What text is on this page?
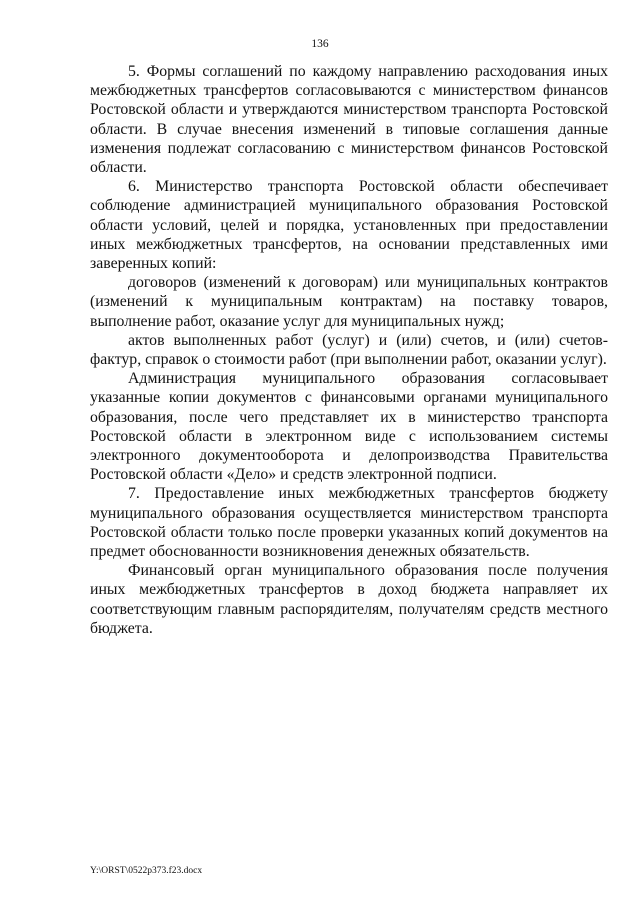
136

5. Формы соглашений по каждому направлению расходования иных межбюджетных трансфертов согласовываются с министерством финансов Ростовской области и утверждаются министерством транспорта Ростовской области. В случае внесения изменений в типовые соглашения данные изменения подлежат согласованию с министерством финансов Ростовской области.

6. Министерство транспорта Ростовской области обеспечивает соблюдение администрацией муниципального образования Ростовской области условий, целей и порядка, установленных при предоставлении иных межбюджетных трансфертов, на основании представленных ими заверенных копий:

договоров (изменений к договорам) или муниципальных контрактов (изменений к муниципальным контрактам) на поставку товаров, выполнение работ, оказание услуг для муниципальных нужд;

актов выполненных работ (услуг) и (или) счетов, и (или) счетов-фактур, справок о стоимости работ (при выполнении работ, оказании услуг).

Администрация муниципального образования согласовывает указанные копии документов с финансовыми органами муниципального образования, после чего представляет их в министерство транспорта Ростовской области в электронном виде с использованием системы электронного документооборота и делопроизводства Правительства Ростовской области «Дело» и средств электронной подписи.

7. Предоставление иных межбюджетных трансфертов бюджету муниципального образования осуществляется министерством транспорта Ростовской области только после проверки указанных копий документов на предмет обоснованности возникновения денежных обязательств.

Финансовый орган муниципального образования после получения иных межбюджетных трансфертов в доход бюджета направляет их соответствующим главным распорядителям, получателям средств местного бюджета.

Y:\ORST\0522p373.f23.docx
